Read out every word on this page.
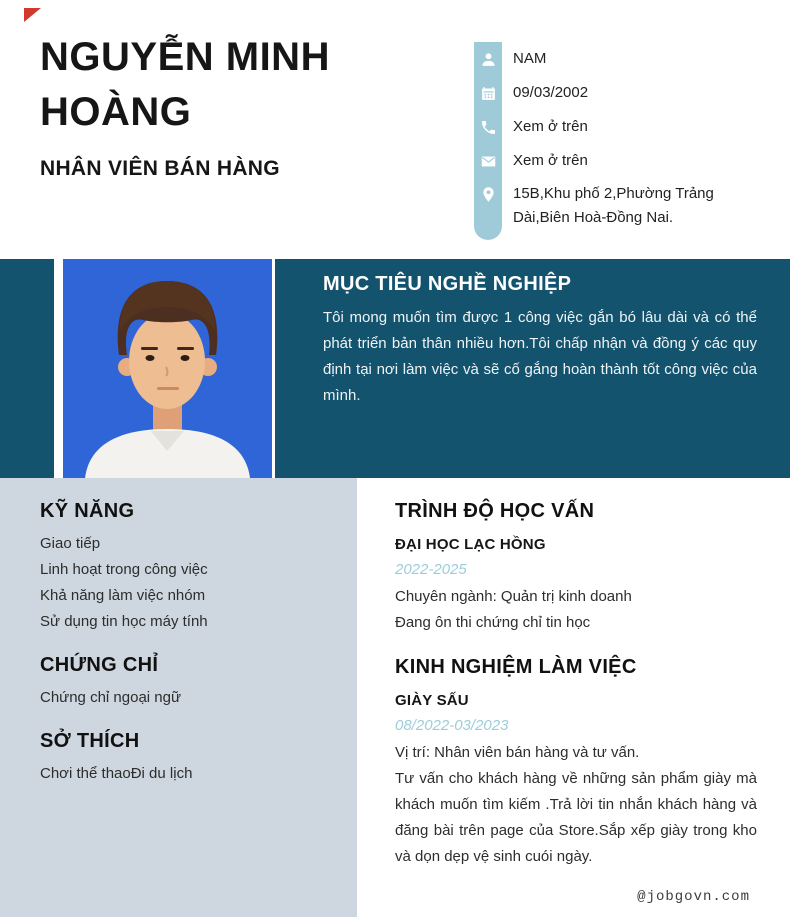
NGUYỄN MINH HOÀNG
NHÂN VIÊN BÁN HÀNG
NAM
09/03/2002
Xem ở trên
Xem ở trên
15B,Khu phố 2,Phường Trảng Dài,Biên Hoà-Đồng Nai.
MỤC TIÊU NGHỀ NGHIỆP
Tôi mong muốn tìm được 1 công việc gắn bó lâu dài và có thể phát triển bản thân nhiều hơn.Tôi chấp nhận và đồng ý các quy định tại nơi làm việc và sẽ cố gắng hoàn thành tốt công việc của mình.
KỸ NĂNG
Giao tiếp
Linh hoạt trong công việc
Khả năng làm việc nhóm
Sử dụng tin học máy tính
CHỨNG CHỈ
Chứng chỉ ngoại ngữ
SỞ THÍCH
Chơi thể thaoĐi du lịch
TRÌNH ĐỘ HỌC VẤN
ĐẠI HỌC LẠC HỒNG
2022-2025
Chuyên ngành: Quản trị kinh doanh
Đang ôn thi chứng chỉ tin học
KINH NGHIỆM LÀM VIỆC
GIÀY SẤU
08/2022-03/2023
Vị trí: Nhân viên bán hàng và tư vấn.
Tư vấn cho khách hàng về những sản phẩm giày mà khách muốn tìm kiếm .Trả lời tin nhắn khách hàng và đăng bài trên page của Store.Sắp xếp giày trong kho và dọn dẹp vệ sinh cuói ngày.
@jobgovn.com
